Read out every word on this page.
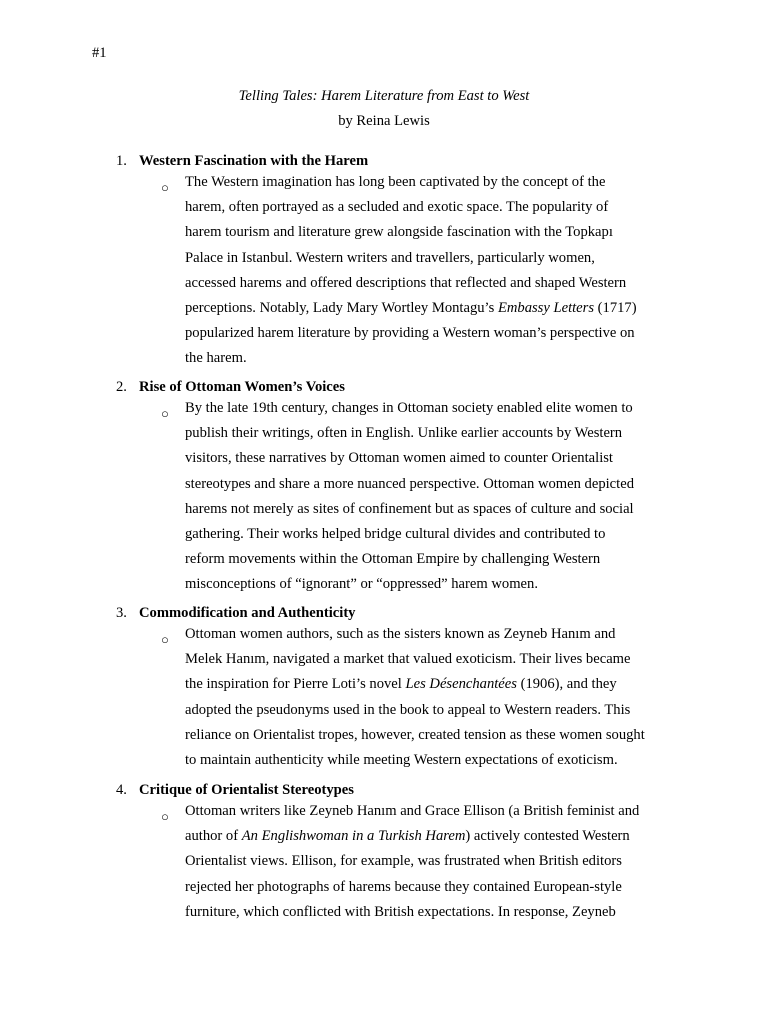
#1
Telling Tales: Harem Literature from East to West
by Reina Lewis
1. Western Fascination with the Harem
○ The Western imagination has long been captivated by the concept of the
harem, often portrayed as a secluded and exotic space. The popularity of
harem tourism and literature grew alongside fascination with the Topkapı
Palace in Istanbul. Western writers and travellers, particularly women,
accessed harems and offered descriptions that reflected and shaped Western
perceptions. Notably, Lady Mary Wortley Montagu’s Embassy Letters (1717)
popularized harem literature by providing a Western woman’s perspective on
the harem.
2. Rise of Ottoman Women’s Voices
○ By the late 19th century, changes in Ottoman society enabled elite women to
publish their writings, often in English. Unlike earlier accounts by Western
visitors, these narratives by Ottoman women aimed to counter Orientalist
stereotypes and share a more nuanced perspective. Ottoman women depicted
harems not merely as sites of confinement but as spaces of culture and social
gathering. Their works helped bridge cultural divides and contributed to
reform movements within the Ottoman Empire by challenging Western
misconceptions of “ignorant” or “oppressed” harem women.
3. Commodification and Authenticity
○ Ottoman women authors, such as the sisters known as Zeyneb Hanım and
Melek Hanım, navigated a market that valued exoticism. Their lives became
the inspiration for Pierre Loti’s novel Les Désenchantées (1906), and they
adopted the pseudonyms used in the book to appeal to Western readers. This
reliance on Orientalist tropes, however, created tension as these women sought
to maintain authenticity while meeting Western expectations of exoticism.
4. Critique of Orientalist Stereotypes
○ Ottoman writers like Zeyneb Hanım and Grace Ellison (a British feminist and
author of An Englishwoman in a Turkish Harem) actively contested Western
Orientalist views. Ellison, for example, was frustrated when British editors
rejected her photographs of harems because they contained European-style
furniture, which conflicted with British expectations. In response, Zeyneb
